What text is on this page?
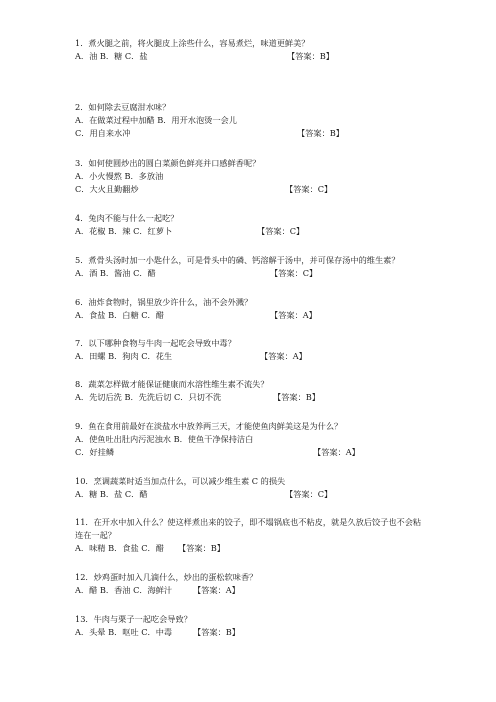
1．煮火腿之前，将火腿皮上涂些什么，容易煮烂，味道更鲜美？
A．油 B．糖 C．盐	【答案：B】
2．如何除去豆腐泔水味？
A．在做菜过程中加醋 B．用开水泡烫一会儿
C．用自来水冲	【答案：B】
3．如何使圆炒出的圆白菜颜色鲜亮并口感鲜香呢？
A．小火慢熬 B．多放油
C．大火且勤翻炒	【答案：C】
4．兔肉不能与什么一起吃？
A．花椒 B．辣 C．红萝卜	【答案：C】
5．煮骨头汤时加一小匙什么，可是骨头中的磷、钙溶解于汤中，并可保存汤中的维生素？
A．酒 B．酱油 C．醋	【答案：C】
6．油炸食物时，锅里放少许什么，油不会外溅？
A．食盐 B．白糖 C．醋	【答案：A】
7．以下哪种食物与牛肉一起吃会导致中毒？
A．田螺 B．狗肉 C．花生	【答案：A】
8．蔬菜怎样做才能保证健康而水溶性维生素不流失？
A．先切后洗 B．先洗后切 C．只切不洗	【答案：B】
9．鱼在食用前最好在淡盐水中放养两三天，才能使鱼肉鲜美这是为什么？
A．使鱼吐出肚内污泥浊水 B．使鱼干净保持洁白
C．好挂鳞	【答案：A】
10．烹调蔬菜时适当加点什么，可以减少维生素 C 的损失
A．糖 B．盐 C．醋	【答案：C】
11．在开水中加入什么？使这样煮出来的饺子，即不塌锅底也不粘皮，就是久放后饺子也不会粘连在一起？
A．味精 B．食盐 C．醋 【答案：B】
12．炒鸡蛋时加入几滴什么，炒出的蛋松软味香？
A．醋 B．香油 C．海鲜汁	【答案：A】
13．牛肉与栗子一起吃会导致？
A．头晕 B．呕吐 C．中毒	【答案：B】
